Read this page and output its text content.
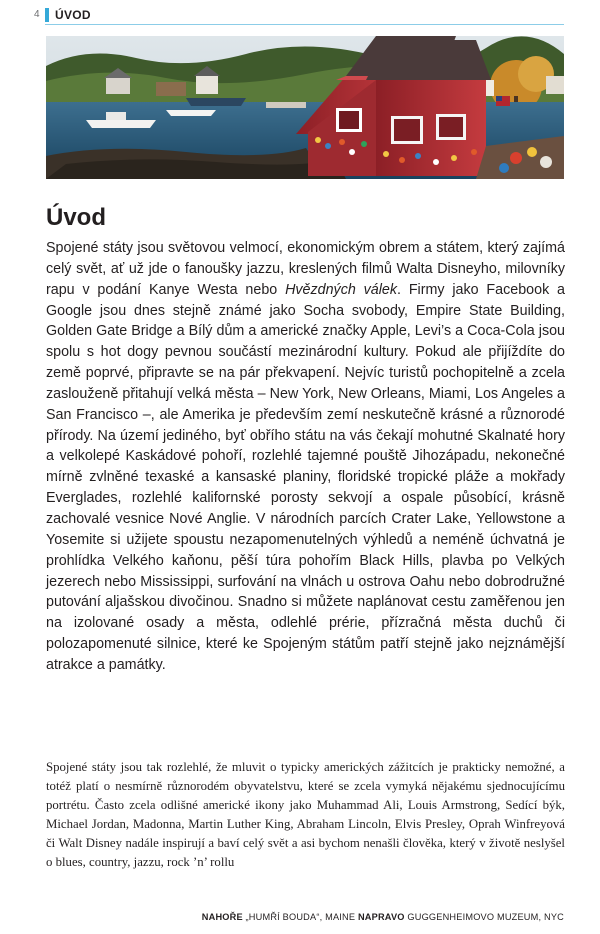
4 ÚVOD
Úvod

Spojené státy jsou světovou velmocí, ekonomickým obrem a státem, který zajímá celý svět, ať už jde o fanoušky jazzu, kreslených filmů Walta Disneyho, milovníky rapu v podání Kanye Westa nebo Hvězdných válek. Firmy jako Facebook a Google jsou dnes stejně známé jako Socha svobody, Empire State Building, Golden Gate Bridge a Bílý dům a americké značky Apple, Levi’s a Coca-Cola jsou spolu s hot dogy pevnou součástí mezinárodní kultury. Pokud ale přijíždíte do země poprvé, připravte se na pár překvapení. Nejvíc turistů pochopitelně a zcela zaslouženě přitahují velká města – New York, New Orleans, Miami, Los Angeles a San Francisco –, ale Amerika je především zemí neskutečně krásné a různorodé přírody. Na území jediného, byť obřího státu na vás čekají mohutné Skalnaté hory a velkolepé Kaskádové pohoří, rozlehlé tajemné pouště Jihozápadu, nekonečné mírně zvlněné texaské a kansaské planiny, floridské tropické pláže a mokřady Everglades, rozlehlé kalifornské porosty sekvojí a ospale působící, krásně zachovalé vesnice Nové Anglie. V národních parcích Crater Lake, Yellowstone a Yosemite si užijete spoustu nezapomenutelných výhledů a neméně úchvatná je prohlídka Velkého kaňonu, pěší túra pohořím Black Hills, plavba po Velkých jezerech nebo Mississippi, surfování na vlnách u ostrova Oahu nebo dobrodružné putování aljašskou divočinou. Snadno si můžete naplánovat cestu zaměřenou jen na izolované osady a města, odlehlé prérie, přízračná města duchů či polozapomenuté silnice, které ke Spojeným státům patří stejně jako nejznámější atrakce a památky.

Spojené státy jsou tak rozlehlé, že mluvit o typicky amerických zážitcích je prakticky nemožné, a totéž platí o nesmírně různorodém obyvatelstvu, které se zcela vymyká nějakému sjednocujícímu portrétu. Často zcela odlišné americké ikony jako Muhammad Ali, Louis Armstrong, Sedící býk, Michael Jordan, Madonna, Martin Luther King, Abraham Lincoln, Elvis Presley, Oprah Winfreyová či Walt Disney nadále inspirují a baví celý svět a asi bychom nenašli člověka, který v životě neslyšel o blues, country, jazzu, rock ’n’ rollu

NAHOŘE „HUMŘÍ BOUDA“, MAINE NAPRAVO GUGGENHEIMOVO MUZEUM, NYC
